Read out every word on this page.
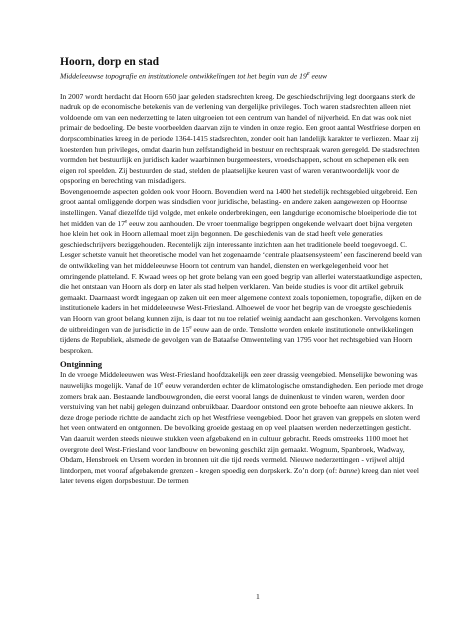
Hoorn, dorp en stad

Middeleeuwse topografie en institutionele ontwikkelingen tot het begin van de 19e eeuw

In 2007 wordt herdacht dat Hoorn 650 jaar geleden stadsrechten kreeg. De geschiedschrijving legt doorgaans sterk de nadruk op de economische betekenis van de verlening van dergelijke privileges. Toch waren stadsrechten alleen niet voldoende om van een nederzetting te laten uitgroeien tot een centrum van handel of nijverheid. En dat was ook niet primair de bedoeling. De beste voorbeelden daarvan zijn te vinden in onze regio. Een groot aantal Westfriese dorpen en dorpscombinaties kreeg in de periode 1364-1415 stadsrechten, zonder ooit han landelijk karakter te verliezen. Maar zij koesterden hun privileges, omdat daarin hun zelfstandigheid in bestuur en rechtspraak waren geregeld. De stadsrechten vormden het bestuurlijk en juridisch kader waarbinnen burgemeesters, vroedschappen, schout en schepenen elk een eigen rol speelden. Zij bestuurden de stad, stelden de plaatselijke keuren vast of waren verantwoordelijk voor de opsporing en berechting van misdadigers.

Bovengenoemde aspecten golden ook voor Hoorn. Bovendien werd na 1400 het stedelijk rechtsgebied uitgebreid. Een groot aantal omliggende dorpen was sindsdien voor juridische, belasting- en andere zaken aangewezen op Hoornse instellingen. Vanaf diezelfde tijd volgde, met enkele onderbrekingen, een langdurige economische bloeiperiode die tot het midden van de 17e eeuw zou aanhouden. De vroer toenmalige begrippen ongekende welvaart doet bijna vergeten hoe klein het ook in Hoorn allemaal moet zijn begonnen. De geschiedenis van de stad heeft vele generaties geschiedschrijvers beziggehouden. Recentelijk zijn interessante inzichten aan het traditionele beeld toegevoegd. C. Lesger schetste vanuit het theoretische model van het zogenaamde ‘centrale plaatsensysteem’ een fascinerend beeld van de ontwikkeling van het middeleeuwse Hoorn tot centrum van handel, diensten en werkgelegenheid voor het omringende platteland. F. Kwaad wees op het grote belang van een goed begrip van allerlei waterstaatkundige aspecten, die het ontstaan van Hoorn als dorp en later als stad helpen verklaren. Van beide studies is voor dit artikel gebruik gemaakt. Daarnaast wordt ingegaan op zaken uit een meer algemene context zoals toponiemen, topografie, dijken en de institutionele kaders in het middeleeuwse West-Friesland. Alhoewel de voor het begrip van de vroegste geschiedenis van Hoorn van groot belang kunnen zijn, is daar tot nu toe relatief weinig aandacht aan geschonken. Vervolgens komen de uitbreidingen van de jurisdictie in de 15e eeuw aan de orde. Tenslotte worden enkele institutionele ontwikkelingen tijdens de Republiek, alsmede de gevolgen van de Bataafse Omwenteling van 1795 voor het rechtsgebied van Hoorn besproken.

Ontginning

In de vroege Middeleeuwen was West-Friesland hoofdzakelijk een zeer drassig veengebied. Menselijke bewoning was nauwelijks mogelijk. Vanaf de 10e eeuw veranderden echter de klimatologische omstandigheden. Een periode met droge zomers brak aan. Bestaande landbouwgronden, die eerst vooral langs de duinenkust te vinden waren, werden door verstuiving van het nabij gelegen duinzand onbruikbaar. Daardoor ontstond een grote behoefte aan nieuwe akkers. In deze droge periode richtte de aandacht zich op het Westfriese veengebied. Door het graven van greppels en sloten werd het veen ontwaterd en ontgonnen. De bevolking groeide gestaag en op veel plaatsen werden nederzettingen gesticht. Van daaruit werden steeds nieuwe stukken veen afgebakend en in cultuur gebracht. Reeds omstreeks 1100 moet het overgrote deel West-Friesland voor landbouw en bewoning geschikt zijn gemaakt. Wognum, Spanbroek, Wadway, Obdam, Hensbroek en Ursem worden in bronnen uit die tijd reeds vermeld. Nieuwe nederzettingen - vrijwel altijd lintdorpen, met vooraf afgebakende grenzen - kregen spoedig een dorpskerk. Zo’n dorp (of: banne) kreeg dan niet veel later tevens eigen dorpsbestuur. De termen

1
